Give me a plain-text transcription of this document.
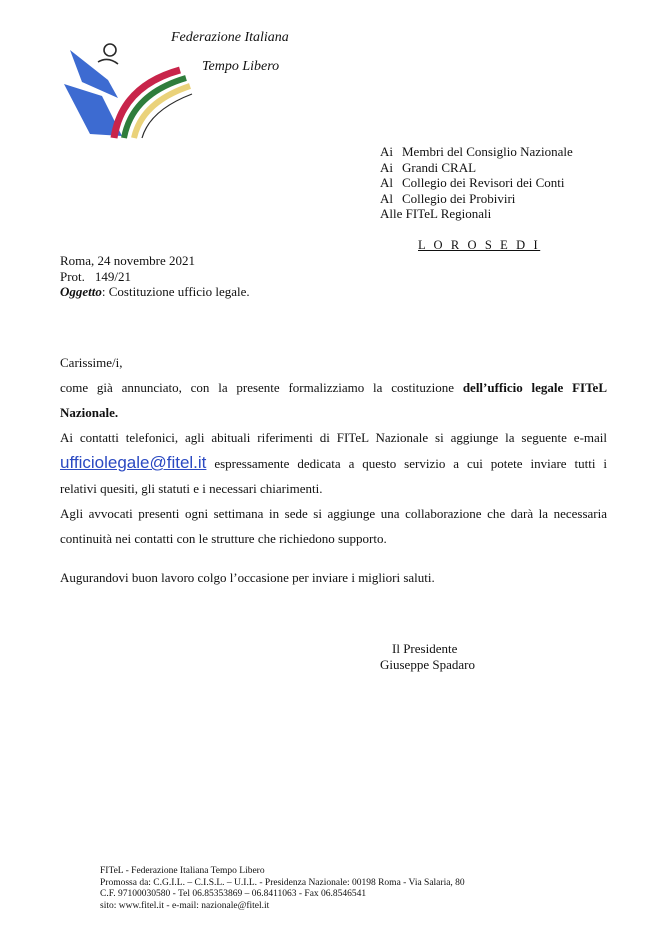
Federazione Italiana
Tempo Libero
Ai Membri del Consiglio Nazionale
Ai Grandi CRAL
Al Collegio dei Revisori dei Conti
Al Collegio dei Probiviri
Alle FITeL Regionali
L O R O S E D I
Roma, 24 novembre 2021
Prot. 149/21
Oggetto: Costituzione ufficio legale.

Carissime/i,

come già annunciato, con la presente formalizziamo la costituzione dell’ufficio legale FITeL

Nazionale.

Ai contatti telefonici, agli abituali riferimenti di FITeL Nazionale si aggiunge la seguente e-mail

ufficiolegale@fitel.it espressamente dedicata a questo servizio a cui potete inviare tutti i

relativi quesiti, gli statuti e i necessari chiarimenti.

Agli avvocati presenti ogni settimana in sede si aggiunge una collaborazione che darà la necessaria

continuità nei contatti con le strutture che richiedono supporto.

Augurandovi buon lavoro colgo l’occasione per inviare i migliori saluti.
Il Presidente
Giuseppe Spadaro
FITeL - Federazione Italiana Tempo Libero
Promossa da: C.G.I.L. – C.I.S.L. – U.I.L. - Presidenza Nazionale: 00198 Roma - Via Salaria, 80
C.F. 97100030580 - Tel 06.85353869 – 06.8411063 - Fax 06.8546541
sito: www.fitel.it - e-mail: nazionale@fitel.it
